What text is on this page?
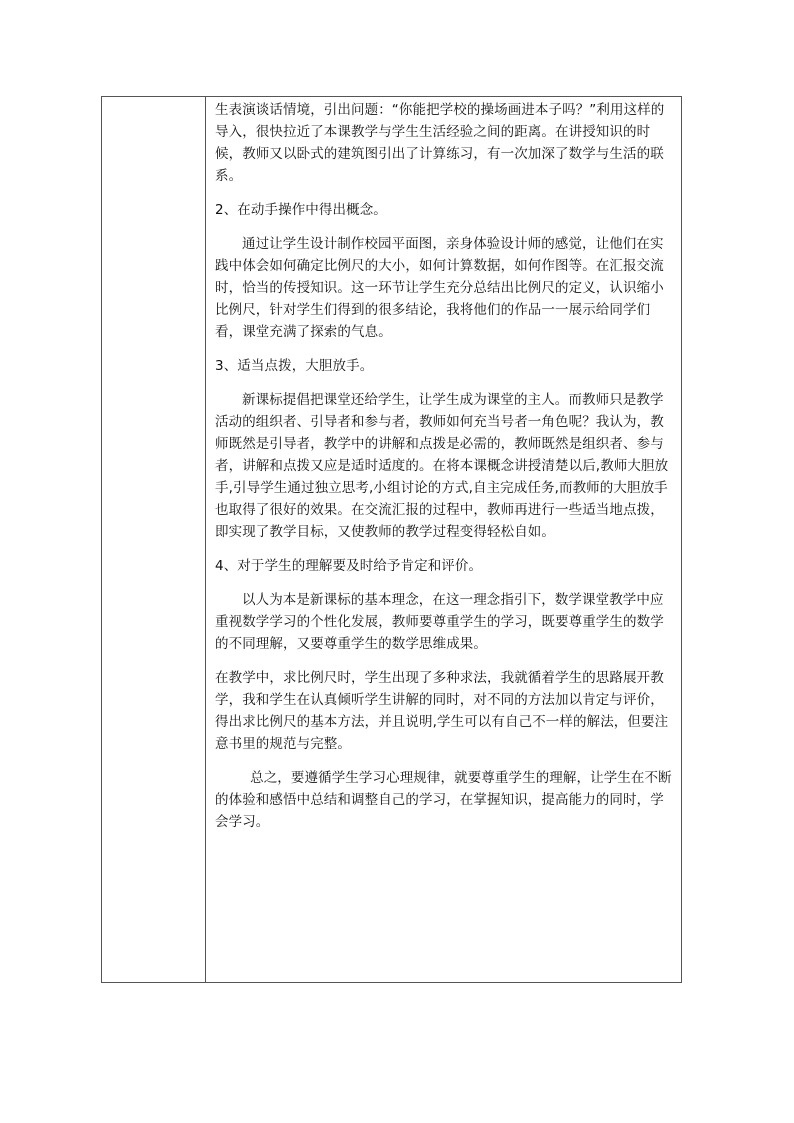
生表演谈话情境，引出问题：“你能把学校的操场画进本子吗？”利用这样的导入，很快拉近了本课教学与学生生活经验之间的距离。在讲授知识的时候，教师又以卧式的建筑图引出了计算练习，有一次加深了数学与生活的联系。

2、在动手操作中得出概念。

通过让学生设计制作校园平面图，亲身体验设计师的感觉，让他们在实践中体会如何确定比例尺的大小，如何计算数据，如何作图等。在汇报交流时，恰当的传授知识。这一环节让学生充分总结出比例尺的定义，认识缩小比例尺，针对学生们得到的很多结论，我将他们的作品一一展示给同学们看，课堂充满了探索的气息。

3、适当点拨，大胆放手。

新课标提倡把课堂还给学生，让学生成为课堂的主人。而教师只是教学活动的组织者、引导者和参与者，教师如何充当号者一角色呢？我认为，教师既然是引导者，教学中的讲解和点拨是必需的，教师既然是组织者、参与者，讲解和点拨又应是适时适度的。在将本课概念讲授清楚以后,教师大胆放手,引导学生通过独立思考,小组讨论的方式,自主完成任务,而教师的大胆放手也取得了很好的效果。在交流汇报的过程中，教师再进行一些适当地点拨，即实现了教学目标，又使教师的教学过程变得轻松自如。

4、对于学生的理解要及时给予肯定和评价。

以人为本是新课标的基本理念，在这一理念指引下，数学课堂教学中应重视数学学习的个性化发展，教师要尊重学生的学习，既要尊重学生的数学的不同理解，又要尊重学生的数学思维成果。

在教学中，求比例尺时，学生出现了多种求法，我就循着学生的思路展开教学，我和学生在认真倾听学生讲解的同时，对不同的方法加以肯定与评价，得出求比例尺的基本方法，并且说明,学生可以有自己不一样的解法，但要注意书里的规范与完整。

总之，要遵循学生学习心理规律，就要尊重学生的理解，让学生在不断的体验和感悟中总结和调整自己的学习，在掌握知识，提高能力的同时，学会学习。
